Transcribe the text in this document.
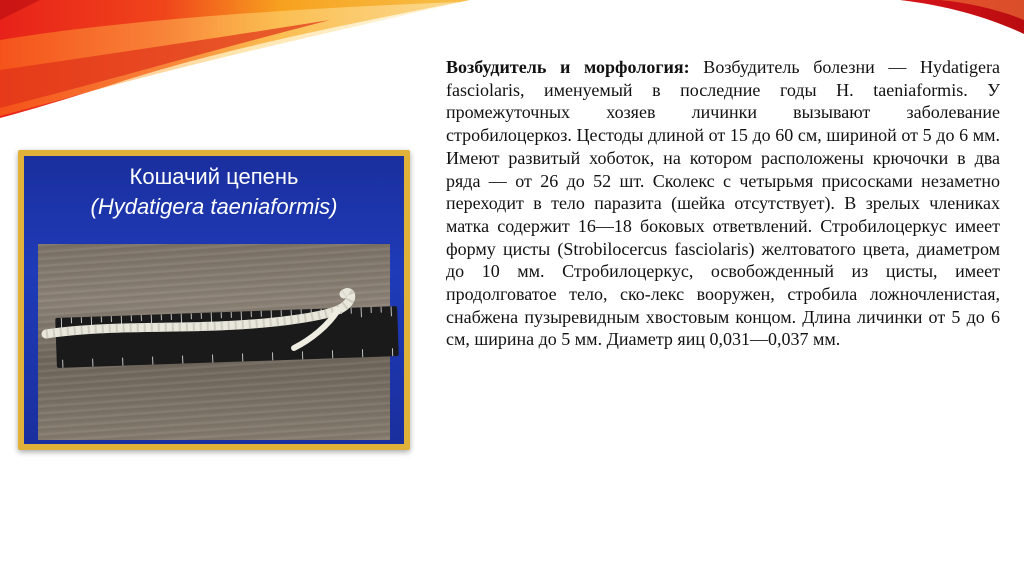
Кошачий цепень
(Hydatigera taeniaformis)
Возбудитель и морфология: Возбудитель болезни — Hydatigera fasciolaris, именуемый в последние годы H. taeniaformis. У промежуточных хозяев личинки вызывают заболевание стробилоцеркоз. Цестоды длиной от 15 до 60 см, шириной от 5 до 6 мм. Имеют развитый хоботок, на котором расположены крючочки в два ряда — от 26 до 52 шт. Сколекс с четырьмя присосками незаметно переходит в тело паразита (шейка отсутствует). В зрелых члениках матка содержит 16—18 боковых ответвлений. Стробилоцеркус имеет форму цисты (Strobilocercus fasciolaris) желтоватого цвета, диаметром до 10 мм. Стробилоцеркус, освобожденный из цисты, имеет продолговатое тело, ско-лекс вооружен, стробила ложночленистая, снабжена пузыревидным хвостовым концом. Длина личинки от 5 до 6 см, ширина до 5 мм. Диаметр яиц 0,031—0,037 мм.
